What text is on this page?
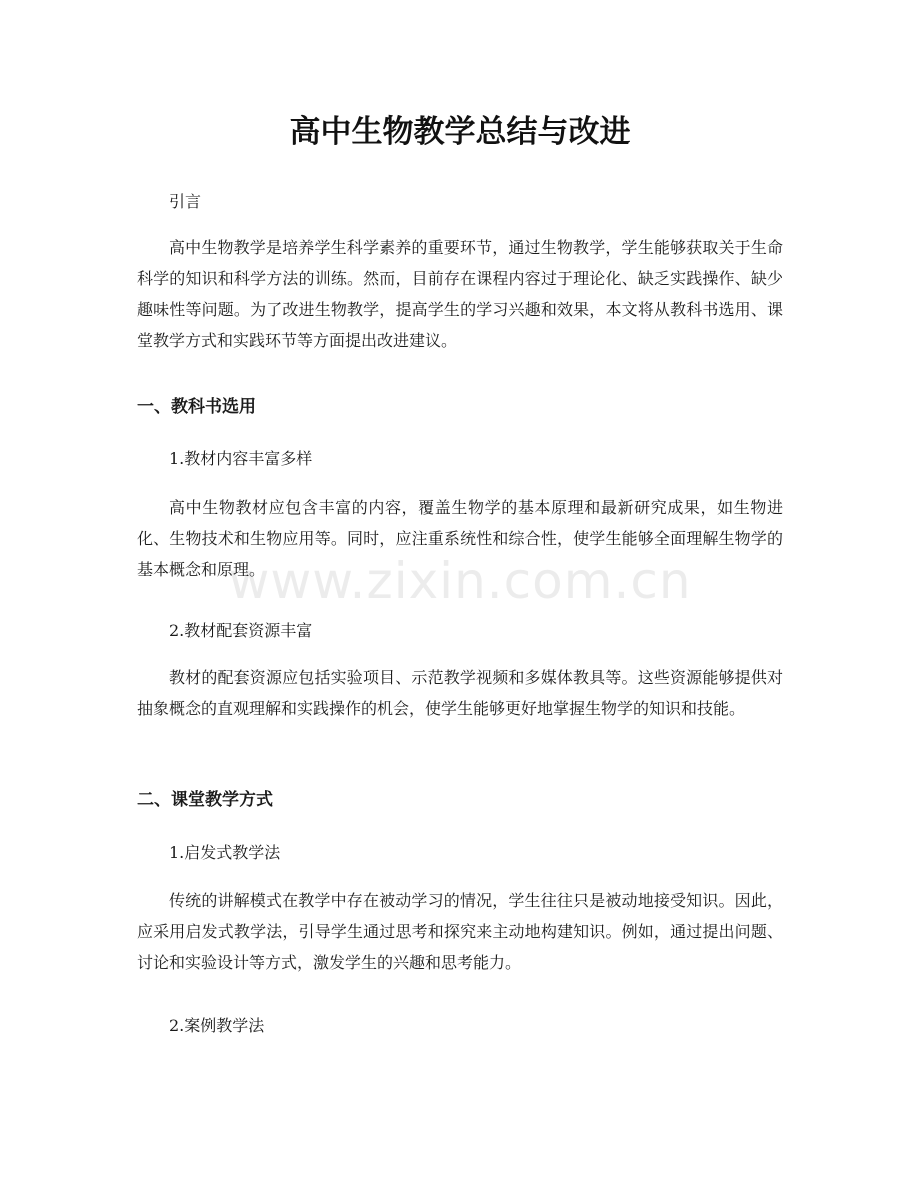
高中生物教学总结与改进

引言

高中生物教学是培养学生科学素养的重要环节，通过生物教学，学生能够获取关于生命科学的知识和科学方法的训练。然而，目前存在课程内容过于理论化、缺乏实践操作、缺少趣味性等问题。为了改进生物教学，提高学生的学习兴趣和效果，本文将从教科书选用、课堂教学方式和实践环节等方面提出改进建议。

一、教科书选用

1.教材内容丰富多样

高中生物教材应包含丰富的内容，覆盖生物学的基本原理和最新研究成果，如生物进化、生物技术和生物应用等。同时，应注重系统性和综合性，使学生能够全面理解生物学的基本概念和原理。

2.教材配套资源丰富

教材的配套资源应包括实验项目、示范教学视频和多媒体教具等。这些资源能够提供对抽象概念的直观理解和实践操作的机会，使学生能够更好地掌握生物学的知识和技能。

二、课堂教学方式

1.启发式教学法

传统的讲解模式在教学中存在被动学习的情况，学生往往只是被动地接受知识。因此，应采用启发式教学法，引导学生通过思考和探究来主动地构建知识。例如，通过提出问题、讨论和实验设计等方式，激发学生的兴趣和思考能力。

2.案例教学法

www.zixin.com.cn
